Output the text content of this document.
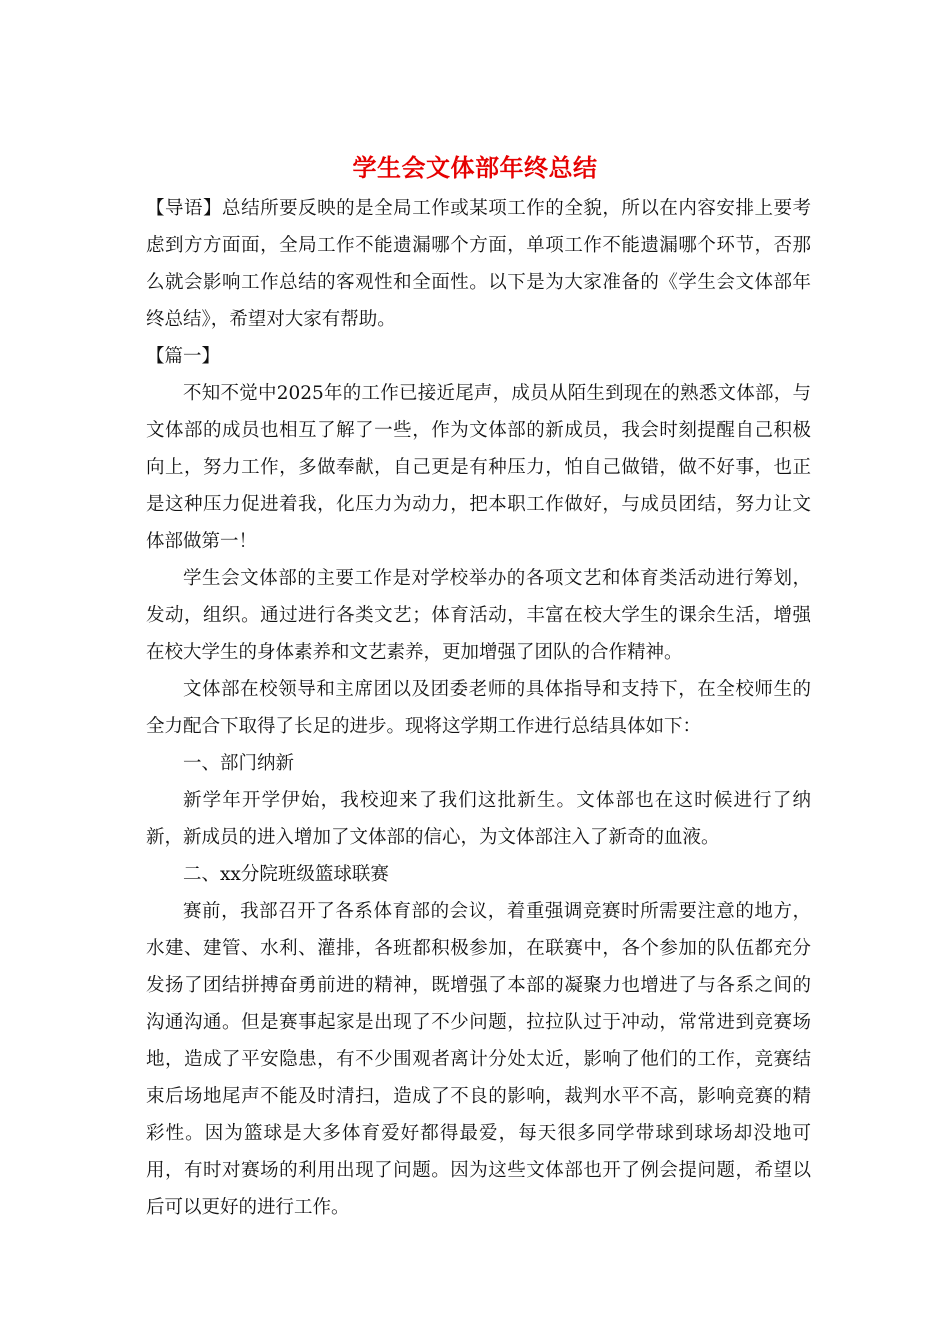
学生会文体部年终总结

【导语】总结所要反映的是全局工作或某项工作的全貌，所以在内容安排上要考虑到方方面面，全局工作不能遗漏哪个方面，单项工作不能遗漏哪个环节，否那么就会影响工作总结的客观性和全面性。以下是为大家准备的《学生会文体部年终总结》，希望对大家有帮助。

【篇一】

不知不觉中2025年的工作已接近尾声，成员从陌生到现在的熟悉文体部，与文体部的成员也相互了解了一些，作为文体部的新成员，我会时刻提醒自己积极向上，努力工作，多做奉献，自己更是有种压力，怕自己做错，做不好事，也正是这种压力促进着我，化压力为动力，把本职工作做好，与成员团结，努力让文体部做第一！

学生会文体部的主要工作是对学校举办的各项文艺和体育类活动进行筹划，发动，组织。通过进行各类文艺；体育活动，丰富在校大学生的课余生活，增强在校大学生的身体素养和文艺素养，更加增强了团队的合作精神。

文体部在校领导和主席团以及团委老师的具体指导和支持下，在全校师生的全力配合下取得了长足的进步。现将这学期工作进行总结具体如下：

一、部门纳新

新学年开学伊始，我校迎来了我们这批新生。文体部也在这时候进行了纳新，新成员的进入增加了文体部的信心，为文体部注入了新奇的血液。

二、xx分院班级篮球联赛

赛前，我部召开了各系体育部的会议，着重强调竞赛时所需要注意的地方，水建、建管、水利、灌排，各班都积极参加，在联赛中，各个参加的队伍都充分发扬了团结拼搏奋勇前进的精神，既增强了本部的凝聚力也增进了与各系之间的沟通沟通。但是赛事起家是出现了不少问题，拉拉队过于冲动，常常进到竞赛场地，造成了平安隐患，有不少围观者离计分处太近，影响了他们的工作，竞赛结束后场地尾声不能及时清扫，造成了不良的影响，裁判水平不高，影响竞赛的精彩性。因为篮球是大多体育爱好都得最爱，每天很多同学带球到球场却没地可用，有时对赛场的利用出现了问题。因为这些文体部也开了例会提问题，希望以后可以更好的进行工作。
